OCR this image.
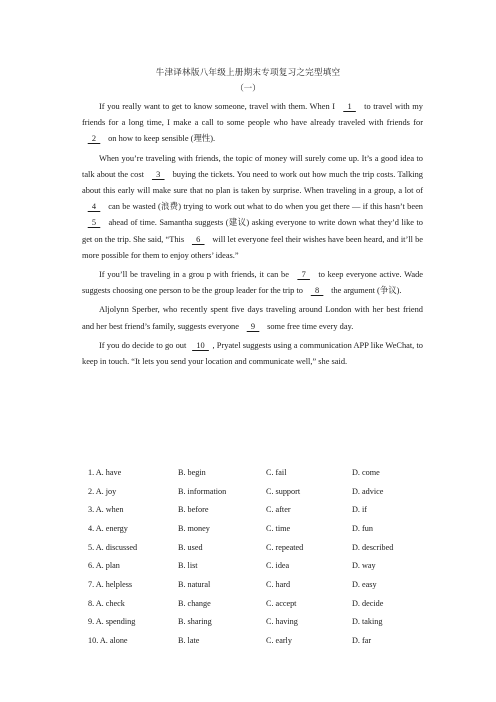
牛津译林版八年级上册期末专项复习之完型填空
（一）

If you really want to get to know someone, travel with them. When I   1   to travel with my friends for a long time, I make a call to some people who have already traveled with friends for   2   on how to keep sensible (理性).

When you’re traveling with friends, the topic of money will surely come up. It’s a good idea to talk about the cost   3   buying the tickets. You need to work out how much the trip costs. Talking about this early will make sure that no plan is taken by surprise. When traveling in a group, a lot of   4   can be wasted (浪费) trying to work out what to do when you get there — if this hasn’t been   5   ahead of time. Samantha suggests (建议) asking everyone to write down what they’d like to get on the trip. She said, “This   6   will let everyone feel their wishes have been heard, and it’ll be more possible for them to enjoy others’ ideas.”

If you’ll be traveling in a grou p with friends, it can be   7   to keep everyone active. Wade suggests choosing one person to be the group leader for the trip to   8   the argument (争议).

Aljolynn Sperber, who recently spent five days traveling around London with her best friend and her best friend’s family, suggests everyone   9   some free time every day.

If you do decide to go out   10  , Pryatel suggests using a communication APP like WeChat, to keep in touch. “It lets you send your location and communicate well,” she said.

1. A. have	B. begin	C. fail	D. come
2. A. joy	B. information	C. support	D. advice
3. A. when	B. before	C. after	D. if
4. A. energy	B. money	C. time	D. fun
5. A. discussed	B. used	C. repeated	D. described
6. A. plan	B. list	C. idea	D. way
7. A. helpless	B. natural	C. hard	D. easy
8. A. check	B. change	C. accept	D. decide
9. A. spending	B. sharing	C. having	D. taking
10. A. alone	B. late	C. early	D. far
